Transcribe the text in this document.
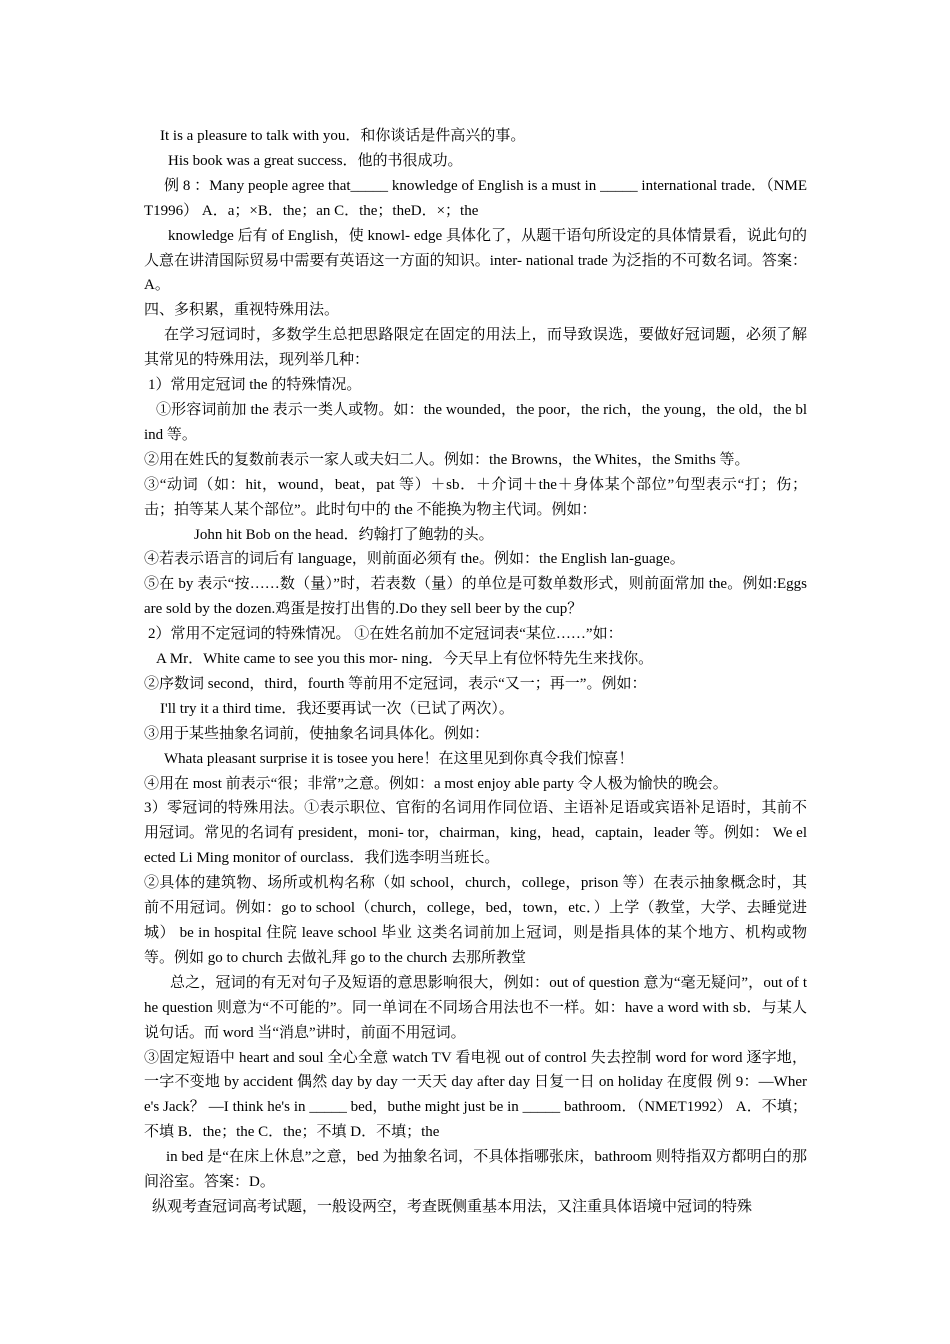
It is a pleasure to talk with you．和你谈话是件高兴的事。

His book was a great success．他的书很成功。

例 8 ：Many people agree that_____ knowledge of English is a must in _____ international trade．（NMET1996） A．a；×B．the；an C．the；theD．×；the

knowledge 后有 of English，使 knowl- edge 具体化了，从题干语句所设定的具体情景看，说此句的人意在讲清国际贸易中需要有英语这一方面的知识。inter- national trade 为泛指的不可数名词。答案：A。

四、多积累，重视特殊用法。

在学习冠词时，多数学生总把思路限定在固定的用法上，而导致误选，要做好冠词题，必须了解其常见的特殊用法，现列举几种：

1）常用定冠词 the 的特殊情况。

①形容词前加 the 表示一类人或物。如：the wounded，the poor，the rich，the young，the old，the blind 等。

②用在姓氏的复数前表示一家人或夫妇二人。例如：the Browns，the Whites，the Smiths 等。

③“动词（如：hit，wound，beat，pat 等）＋sb．＋介词＋the＋身体某个部位”句型表示“打；伤；击；拍等某人某个部位”。此时句中的 the 不能换为物主代词。例如：

John hit Bob on the head．约翰打了鲍勃的头。

④若表示语言的词后有 language，则前面必须有 the。例如：the English lan-guage。

⑤在 by 表示“按……数（量）”时，若表数（量）的单位是可数单数形式，则前面常加 the。例如:Eggs are sold by the dozen.鸡蛋是按打出售的.Do they sell beer by the cup？

2）常用不定冠词的特殊情况。 ①在姓名前加不定冠词表“某位……”如：

A Mr．White came to see you this mor- ning．今天早上有位怀特先生来找你。

②序数词 second，third，fourth 等前用不定冠词，表示“又一；再一”。例如：

I'll try it a third time．我还要再试一次（已试了两次）。

③用于某些抽象名词前，使抽象名词具体化。例如：

Whata pleasant surprise it is tosee you here！在这里见到你真令我们惊喜！

④用在 most 前表示“很；非常”之意。例如：a most enjoy able party 令人极为愉快的晚会。

3）零冠词的特殊用法。①表示职位、官衔的名词用作同位语、主语补足语或宾语补足语时，其前不用冠词。常见的名词有 president，moni- tor，chairman，king，head，captain，leader 等。例如： We elected Li Ming monitor of ourclass．我们选李明当班长。

②具体的建筑物、场所或机构名称（如 school，church，college，prison 等）在表示抽象概念时，其前不用冠词。例如：go to school（church，college，bed，town，etc．）上学（教堂，大学、去睡觉进城） be in hospital 住院 leave school 毕业 这类名词前加上冠词，则是指具体的某个地方、机构或物等。例如 go to church 去做礼拜 go to the church 去那所教堂

总之，冠词的有无对句子及短语的意思影响很大，例如：out of question 意为“毫无疑问”，out of the question 则意为“不可能的”。同一单词在不同场合用法也不一样。如：have a word with sb．与某人说句话。而 word 当“消息”讲时，前面不用冠词。

③固定短语中 heart and soul 全心全意 watch TV 看电视 out of control 失去控制 word for word 逐字地，一字不变地 by accident 偶然 day by day 一天天 day after day 日复一日 on holiday 在度假 例 9：—Where's Jack？ —I think he's in _____ bed，buthe might just be in _____ bathroom．（NMET1992） A．不填；不填 B．the；the C．the；不填 D．不填；the

in bed 是“在床上休息”之意，bed 为抽象名词，不具体指哪张床，bathroom 则特指双方都明白的那间浴室。答案：D。

纵观考查冠词高考试题，一般设两空，考查既侧重基本用法，又注重具体语境中冠词的特殊
